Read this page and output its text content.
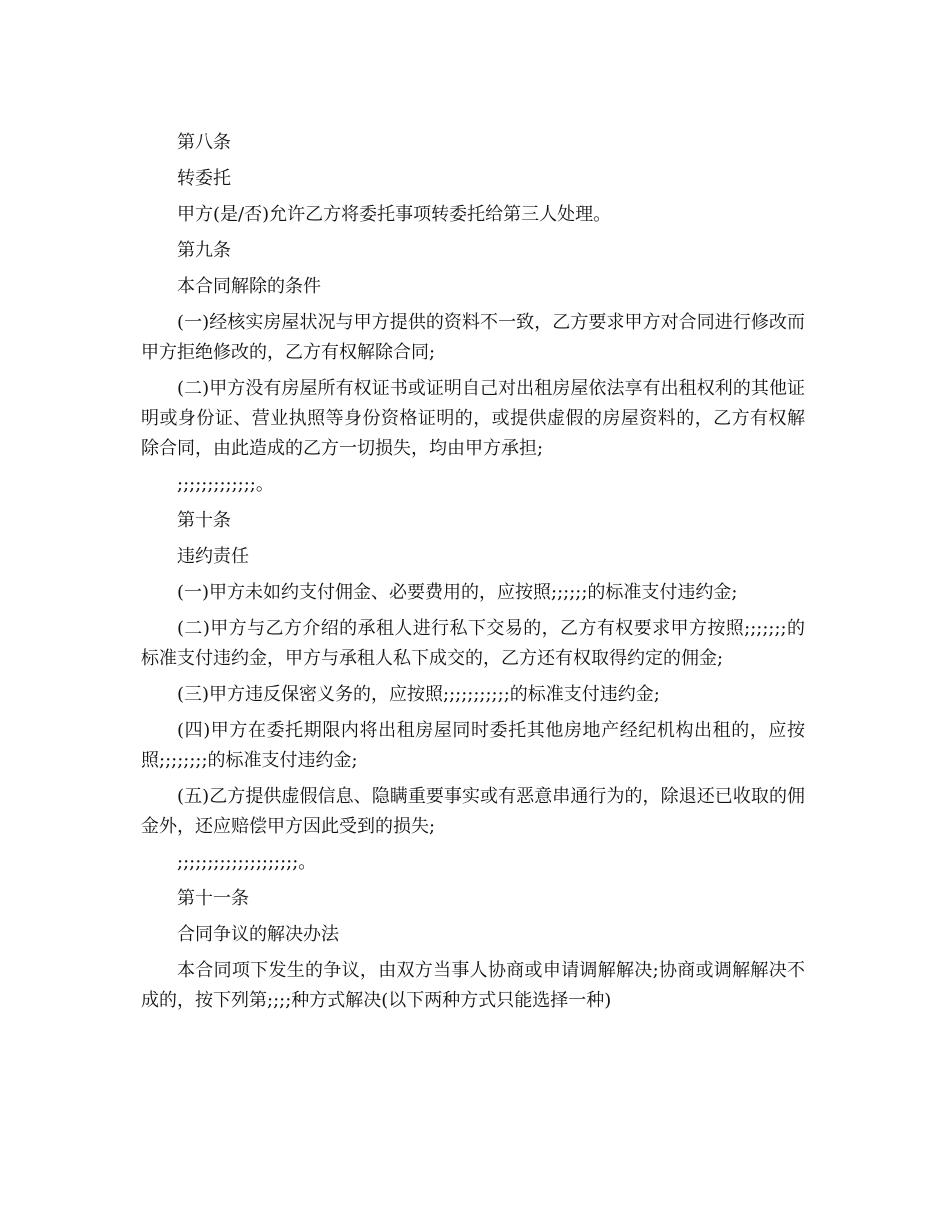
第八条

转委托

甲方(是/否)允许乙方将委托事项转委托给第三人处理。

第九条

本合同解除的条件

(一)经核实房屋状况与甲方提供的资料不一致，乙方要求甲方对合同进行修改而甲方拒绝修改的，乙方有权解除合同;

(二)甲方没有房屋所有权证书或证明自己对出租房屋依法享有出租权利的其他证明或身份证、营业执照等身份资格证明的，或提供虚假的房屋资料的，乙方有权解除合同，由此造成的乙方一切损失，均由甲方承担;

;;;;;;;;;;;;;。

第十条

违约责任

(一)甲方未如约支付佣金、必要费用的，应按照;;;;;;的标准支付违约金;

(二)甲方与乙方介绍的承租人进行私下交易的，乙方有权要求甲方按照;;;;;;;的标准支付违约金，甲方与承租人私下成交的，乙方还有权取得约定的佣金;

(三)甲方违反保密义务的，应按照;;;;;;;;;;;的标准支付违约金;

(四)甲方在委托期限内将出租房屋同时委托其他房地产经纪机构出租的，应按照;;;;;;;;的标准支付违约金;

(五)乙方提供虚假信息、隐瞒重要事实或有恶意串通行为的，除退还已收取的佣金外，还应赔偿甲方因此受到的损失;

;;;;;;;;;;;;;;;;;;;;。

第十一条

合同争议的解决办法

本合同项下发生的争议，由双方当事人协商或申请调解解决;协商或调解解决不成的，按下列第;;;;种方式解决(以下两种方式只能选择一种)
